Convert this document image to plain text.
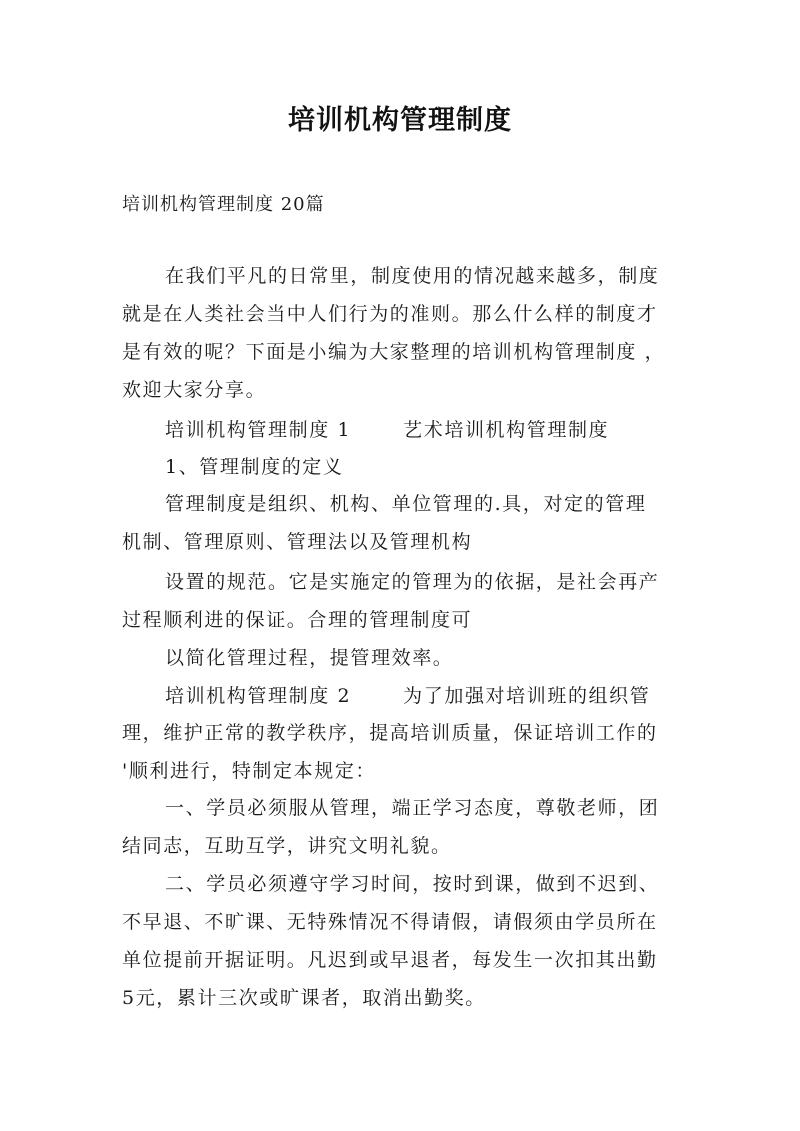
培训机构管理制度
培训机构管理制度 20篇
在我们平凡的日常里，制度使用的情况越来越多，制度
就是在人类社会当中人们行为的准则。那么什么样的制度才
是有效的呢？下面是小编为大家整理的培训机构管理制度 ，
欢迎大家分享。
培训机构管理制度 1	艺术培训机构管理制度
1、管理制度的定义
管理制度是组织、机构、单位管理的.具，对定的管理
机制、管理原则、管理法以及管理机构
设置的规范。它是实施定的管理为的依据，是社会再产
过程顺利进的保证。合理的管理制度可
以简化管理过程，提管理效率。
培训机构管理制度 2	为了加强对培训班的组织管
理，维护正常的教学秩序，提高培训质量，保证培训工作的
'顺利进行，特制定本规定：
一、学员必须服从管理，端正学习态度，尊敬老师，团
结同志，互助互学，讲究文明礼貌。
二、学员必须遵守学习时间，按时到课，做到不迟到、
不早退、不旷课、无特殊情况不得请假，请假须由学员所在
单位提前开据证明。凡迟到或早退者，每发生一次扣其出勤
5元，累计三次或旷课者，取消出勤奖。
